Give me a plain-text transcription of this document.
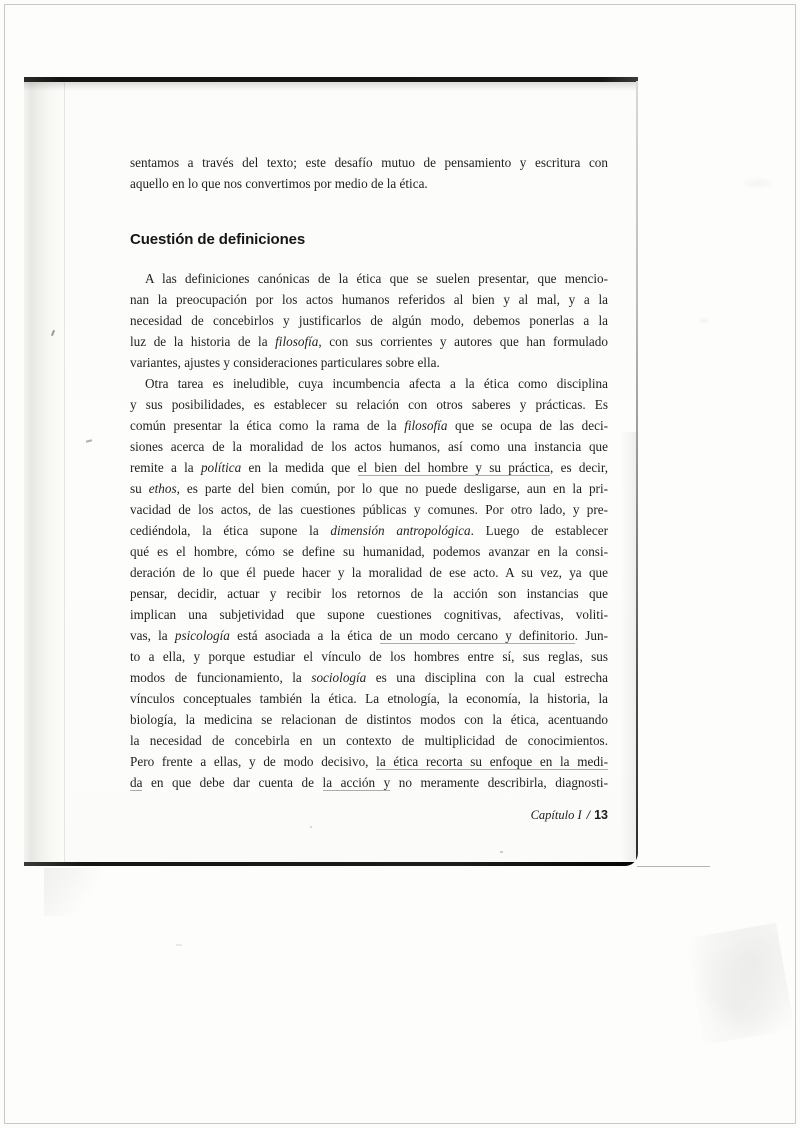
sentamos a través del texto; este desafío mutuo de pensamiento y escritura con
aquello en lo que nos convertimos por medio de la ética.
Cuestión de definiciones
A las definiciones canónicas de la ética que se suelen presentar, que mencio-
nan la preocupación por los actos humanos referidos al bien y al mal, y a la
necesidad de concebirlos y justificarlos de algún modo, debemos ponerlas a la
luz de la historia de la filosofía, con sus corrientes y autores que han formulado
variantes, ajustes y consideraciones particulares sobre ella.
Otra tarea es ineludible, cuya incumbencia afecta a la ética como disciplina
y sus posibilidades, es establecer su relación con otros saberes y prácticas. Es
común presentar la ética como la rama de la filosofía que se ocupa de las deci-
siones acerca de la moralidad de los actos humanos, así como una instancia que
remite a la política en la medida que el bien del hombre y su práctica, es decir,
su ethos, es parte del bien común, por lo que no puede desligarse, aun en la pri-
vacidad de los actos, de las cuestiones públicas y comunes. Por otro lado, y pre-
cediéndola, la ética supone la dimensión antropológica. Luego de establecer
qué es el hombre, cómo se define su humanidad, podemos avanzar en la consi-
deración de lo que él puede hacer y la moralidad de ese acto. A su vez, ya que
pensar, decidir, actuar y recibir los retornos de la acción son instancias que
implican una subjetividad que supone cuestiones cognitivas, afectivas, voliti-
vas, la psicología está asociada a la ética de un modo cercano y definitorio. Jun-
to a ella, y porque estudiar el vínculo de los hombres entre sí, sus reglas, sus
modos de funcionamiento, la sociología es una disciplina con la cual estrecha
vínculos conceptuales también la ética. La etnología, la economía, la historia, la
biología, la medicina se relacionan de distintos modos con la ética, acentuando
la necesidad de concebirla en un contexto de multiplicidad de conocimientos.
Pero frente a ellas, y de modo decisivo, la ética recorta su enfoque en la medi-
da en que debe dar cuenta de la acción y no meramente describirla, diagnosti-
Capítulo I / 13
